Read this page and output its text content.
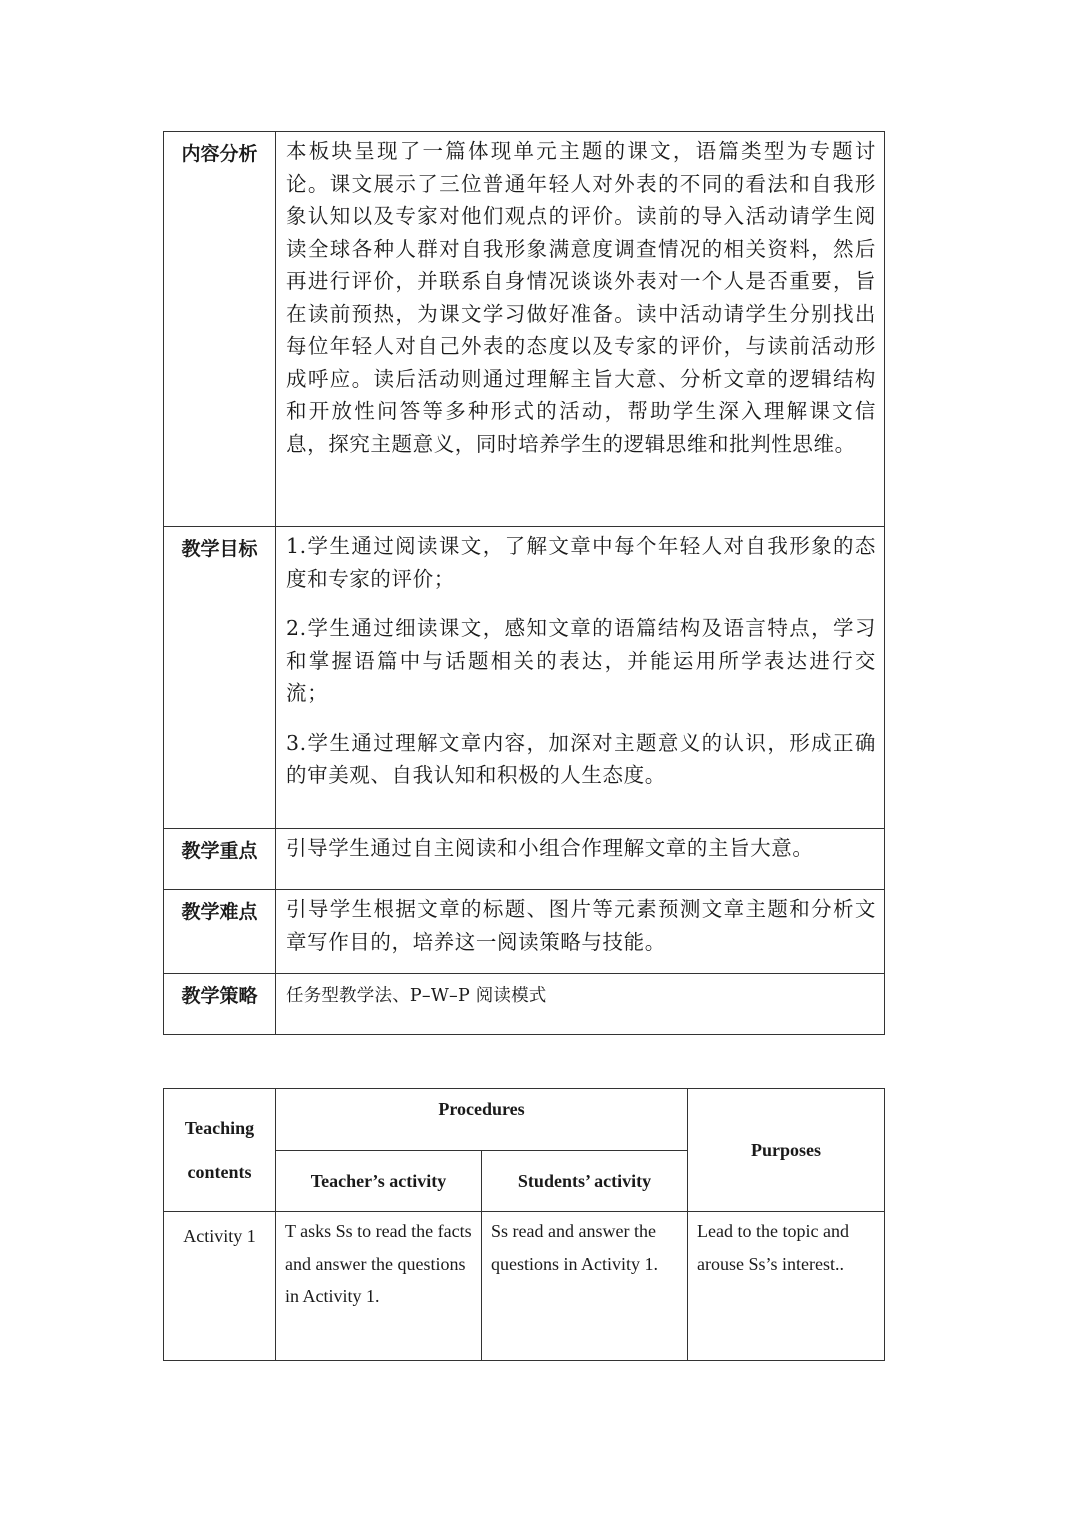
内容分析	本板块呈现了一篇体现单元主题的课文，语篇类型为专题讨论。课文展示了三位普通年轻人对外表的不同的看法和自我形象认知以及专家对他们观点的评价。读前的导入活动请学生阅读全球各种人群对自我形象满意度调查情况的相关资料，然后再进行评价，并联系自身情况谈谈外表对一个人是否重要，旨在读前预热，为课文学习做好准备。读中活动请学生分别找出每位年轻人对自己外表的态度以及专家的评价，与读前活动形成呼应。读后活动则通过理解主旨大意、分析文章的逻辑结构和开放性问答等多种形式的活动，帮助学生深入理解课文信息，探究主题意义，同时培养学生的逻辑思维和批判性思维。

教学目标	1.学生通过阅读课文，了解文章中每个年轻人对自我形象的态度和专家的评价；

2.学生通过细读课文，感知文章的语篇结构及语言特点，学习和掌握语篇中与话题相关的表达，并能运用所学表达进行交流；

3.学生通过理解文章内容，加深对主题意义的认识，形成正确的审美观、自我认知和积极的人生态度。

教学重点	引导学生通过自主阅读和小组合作理解文章的主旨大意。

教学难点	引导学生根据文章的标题、图片等元素预测文章主题和分析文章写作目的，培养这一阅读策略与技能。

教学策略	任务型教学法、P–W–P 阅读模式

Teaching
contents	Procedures		Purposes
	Teacher’s activity	Students’ activity	
Activity 1	T asks Ss to read the facts and answer the questions in Activity 1.	Ss read and answer the questions in Activity 1.	Lead to the topic and arouse Ss’s interest..
